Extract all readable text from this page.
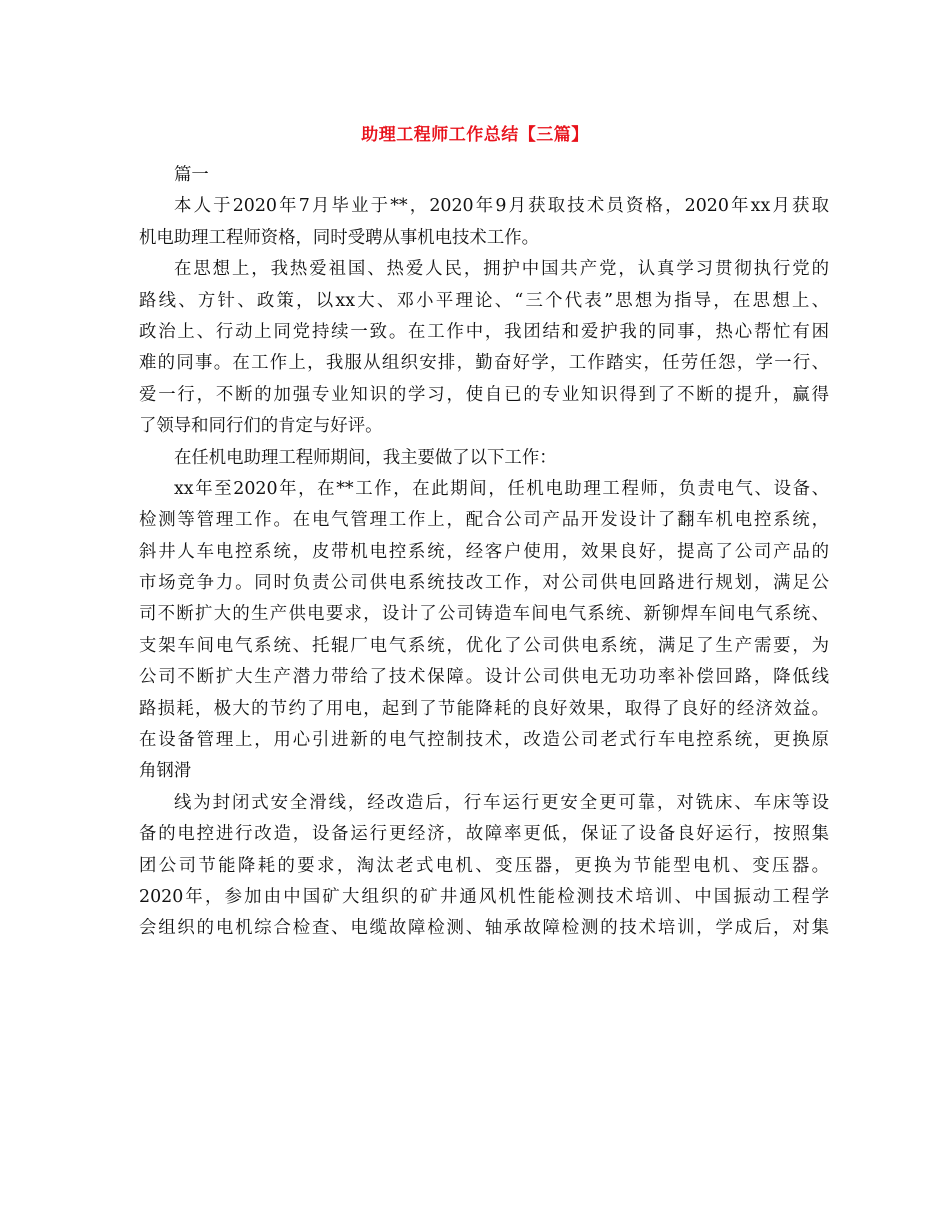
助理工程师工作总结【三篇】
篇一
本人于2020年7月毕业于**，2020年9月获取技术员资格，2020年xx月获取
机电助理工程师资格，同时受聘从事机电技术工作。
在思想上，我热爱祖国、热爱人民，拥护中国共产党，认真学习贯彻执行党的
路线、方针、政策，以xx大、邓小平理论、“三个代表”思想为指导，在思想上、
政治上、行动上同党持续一致。在工作中，我团结和爱护我的同事，热心帮忙有困
难的同事。在工作上，我服从组织安排，勤奋好学，工作踏实，任劳任怨，学一行、
爱一行，不断的加强专业知识的学习，使自已的专业知识得到了不断的提升，赢得
了领导和同行们的肯定与好评。
在任机电助理工程师期间，我主要做了以下工作：
xx年至2020年，在**工作，在此期间，任机电助理工程师，负责电气、设备、
检测等管理工作。在电气管理工作上，配合公司产品开发设计了翻车机电控系统，
斜井人车电控系统，皮带机电控系统，经客户使用，效果良好，提高了公司产品的
市场竞争力。同时负责公司供电系统技改工作，对公司供电回路进行规划，满足公
司不断扩大的生产供电要求，设计了公司铸造车间电气系统、新铆焊车间电气系统、
支架车间电气系统、托辊厂电气系统，优化了公司供电系统，满足了生产需要，为
公司不断扩大生产潜力带给了技术保障。设计公司供电无功功率补偿回路，降低线
路损耗，极大的节约了用电，起到了节能降耗的良好效果，取得了良好的经济效益。
在设备管理上，用心引进新的电气控制技术，改造公司老式行车电控系统，更换原
角钢滑
线为封闭式安全滑线，经改造后，行车运行更安全更可靠，对铣床、车床等设
备的电控进行改造，设备运行更经济，故障率更低，保证了设备良好运行，按照集
团公司节能降耗的要求，淘汰老式电机、变压器，更换为节能型电机、变压器。
2020年，参加由中国矿大组织的矿井通风机性能检测技术培训、中国振动工程学
会组织的电机综合检查、电缆故障检测、轴承故障检测的技术培训，学成后，对集
